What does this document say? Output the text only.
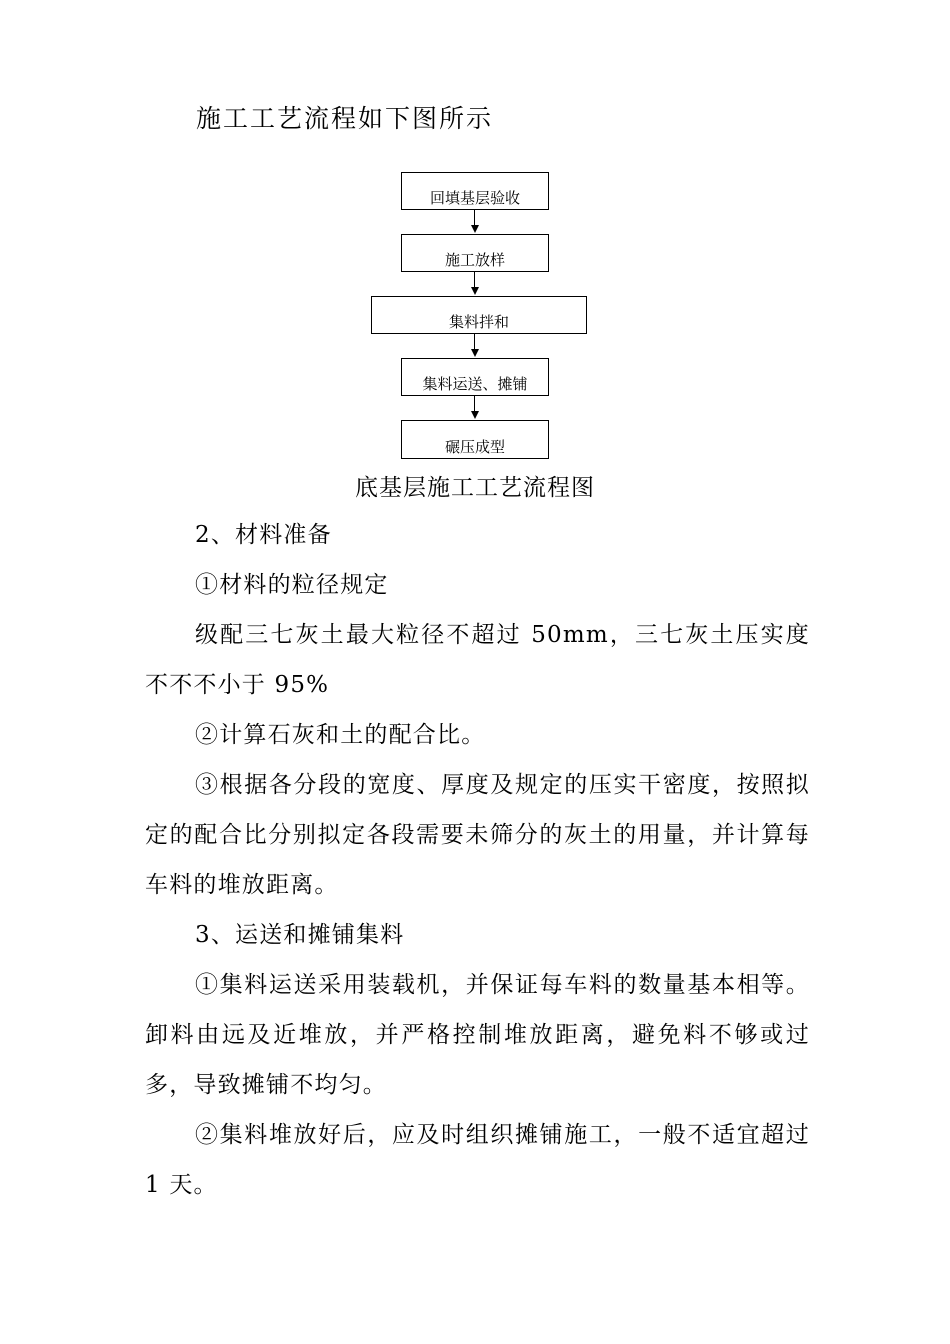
施工工艺流程如下图所示
回填基层验收
施工放样
集料拌和
集料运送、摊铺
碾压成型
底基层施工工艺流程图
2、材料准备
①材料的粒径规定
级配三七灰土最大粒径不超过 50mm，三七灰土压实度不不不小于 95%
②计算石灰和土的配合比。
③根据各分段的宽度、厚度及规定的压实干密度，按照拟定的配合比分别拟定各段需要未筛分的灰土的用量，并计算每车料的堆放距离。
3、运送和摊铺集料
①集料运送采用装载机，并保证每车料的数量基本相等。卸料由远及近堆放，并严格控制堆放距离，避免料不够或过多，导致摊铺不均匀。
②集料堆放好后，应及时组织摊铺施工，一般不适宜超过 1 天。
